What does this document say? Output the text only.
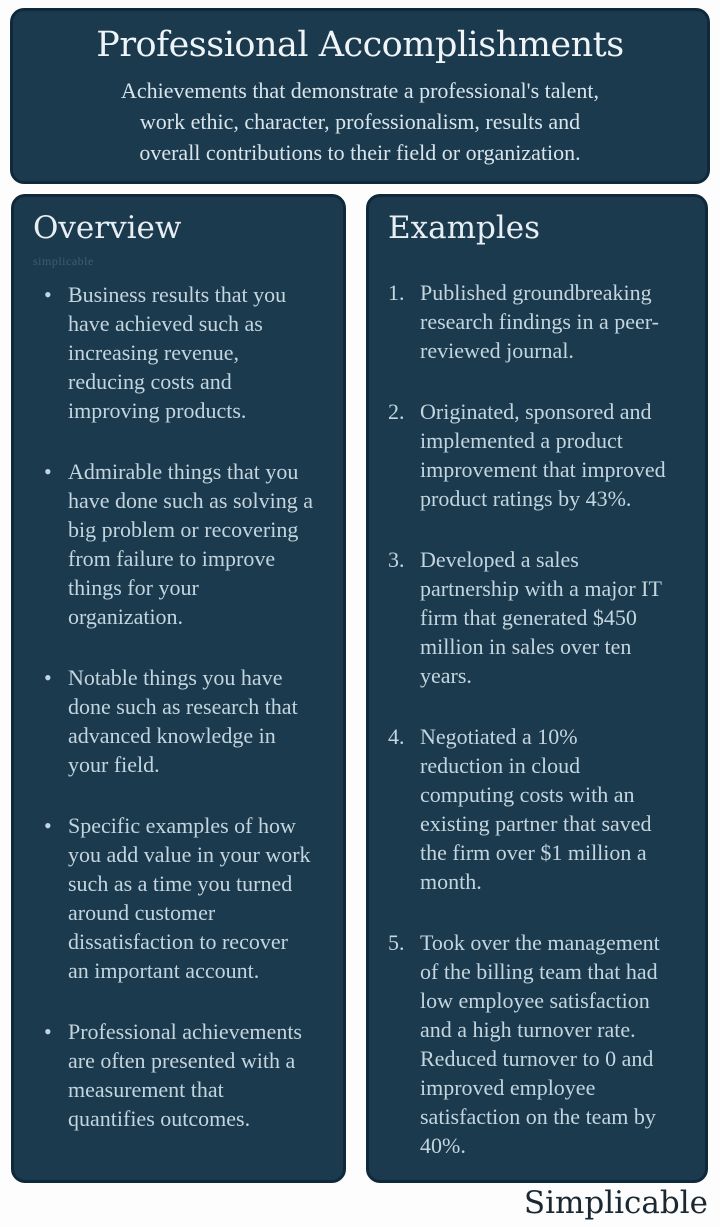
Professional Accomplishments
Achievements that demonstrate a professional's talent, work ethic, character, professionalism, results and overall contributions to their field or organization.
Overview
simplicable
• Business results that you have achieved such as increasing revenue, reducing costs and improving products.
• Admirable things that you have done such as solving a big problem or recovering from failure to improve things for your organization.
• Notable things you have done such as research that advanced knowledge in your field.
• Specific examples of how you add value in your work such as a time you turned around customer dissatisfaction to recover an important account.
• Professional achievements are often presented with a measurement that quantifies outcomes.
Examples
Published groundbreaking research findings in a peer-reviewed journal.
Originated, sponsored and implemented a product improvement that improved product ratings by 43%.
Developed a sales partnership with a major IT firm that generated $450 million in sales over ten years.
Negotiated a 10% reduction in cloud computing costs with an existing partner that saved the firm over $1 million a month.
Took over the management of the billing team that had low employee satisfaction and a high turnover rate. Reduced turnover to 0 and improved employee satisfaction on the team by 40%.
Simplicable
